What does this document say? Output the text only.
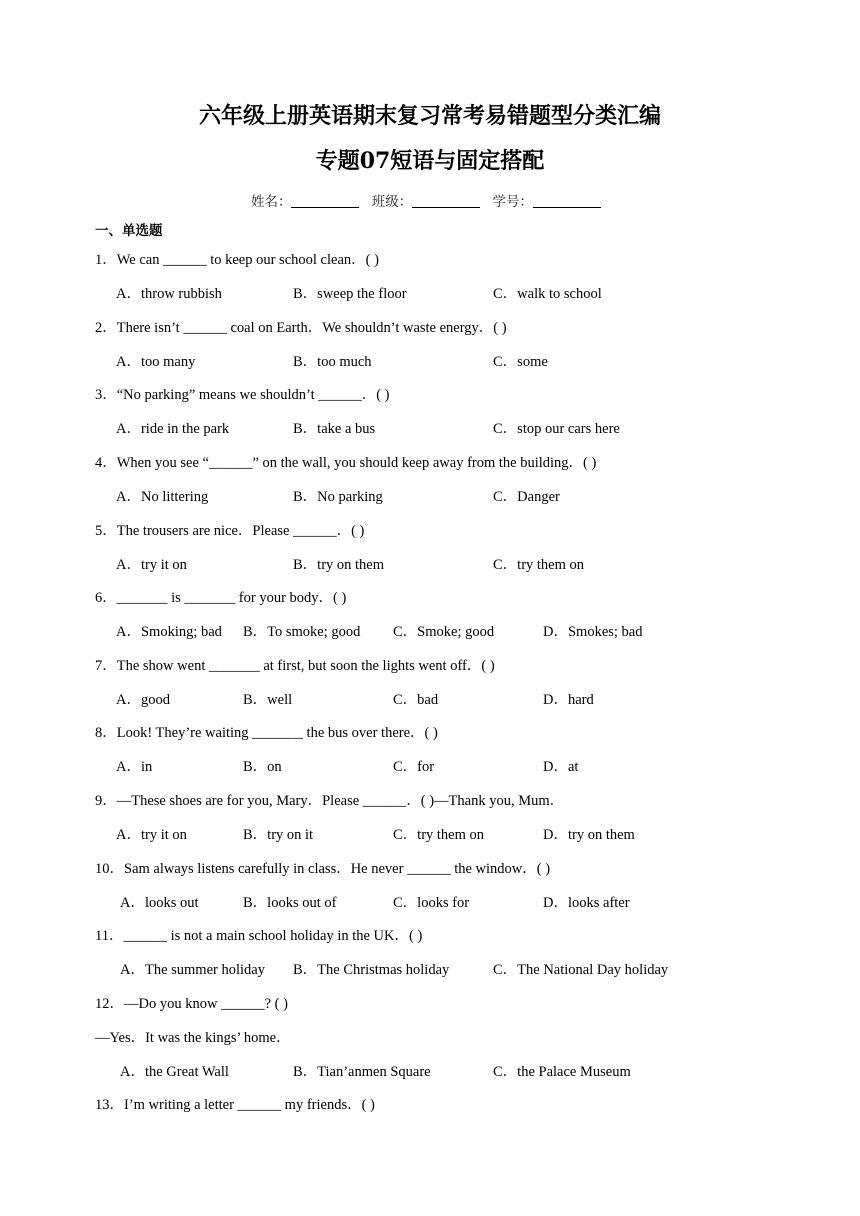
六年级上册英语期末复习常考易错题型分类汇编
专题07短语与固定搭配
姓名：	班级：	学号：
一、单选题
1．We can ______ to keep our school clean．( )
A．throw rubbish	B．sweep the floor	C．walk to school
2．There isn’t ______ coal on Earth．We shouldn’t waste energy．( )
A．too many	B．too much	C．some
3．“No parking” means we shouldn’t ______．( )
A．ride in the park	B．take a bus	C．stop our cars here
4．When you see “______” on the wall, you should keep away from the building．( )
A．No littering	B．No parking	C．Danger
5．The trousers are nice．Please ______．( )
A．try it on	B．try on them	C．try them on
6．_______ is _______ for your body．( )
A．Smoking; bad B．To smoke; good C．Smoke; good	D．Smokes; bad
7．The show went _______ at first, but soon the lights went off．( )
A．good	B．well	C．bad	D．hard
8．Look! They’re waiting _______ the bus over there．( )
A．in	B．on	C．for	D．at
9．—These shoes are for you, Mary．Please ______．( )—Thank you, Mum．
A．try it on	B．try on it	C．try them on	D．try on them
10．Sam always listens carefully in class．He never ______ the window．( )
A．looks out	B．looks out of	C．looks for	D．looks after
11．______ is not a main school holiday in the UK．( )
A．The summer holiday B．The Christmas holiday	C．The National Day holiday
12．—Do you know ______? ( )
—Yes．It was the kings’ home．
A．the Great Wall	B．Tian’anmen Square	C．the Palace Museum
13．I’m writing a letter ______ my friends．( )
